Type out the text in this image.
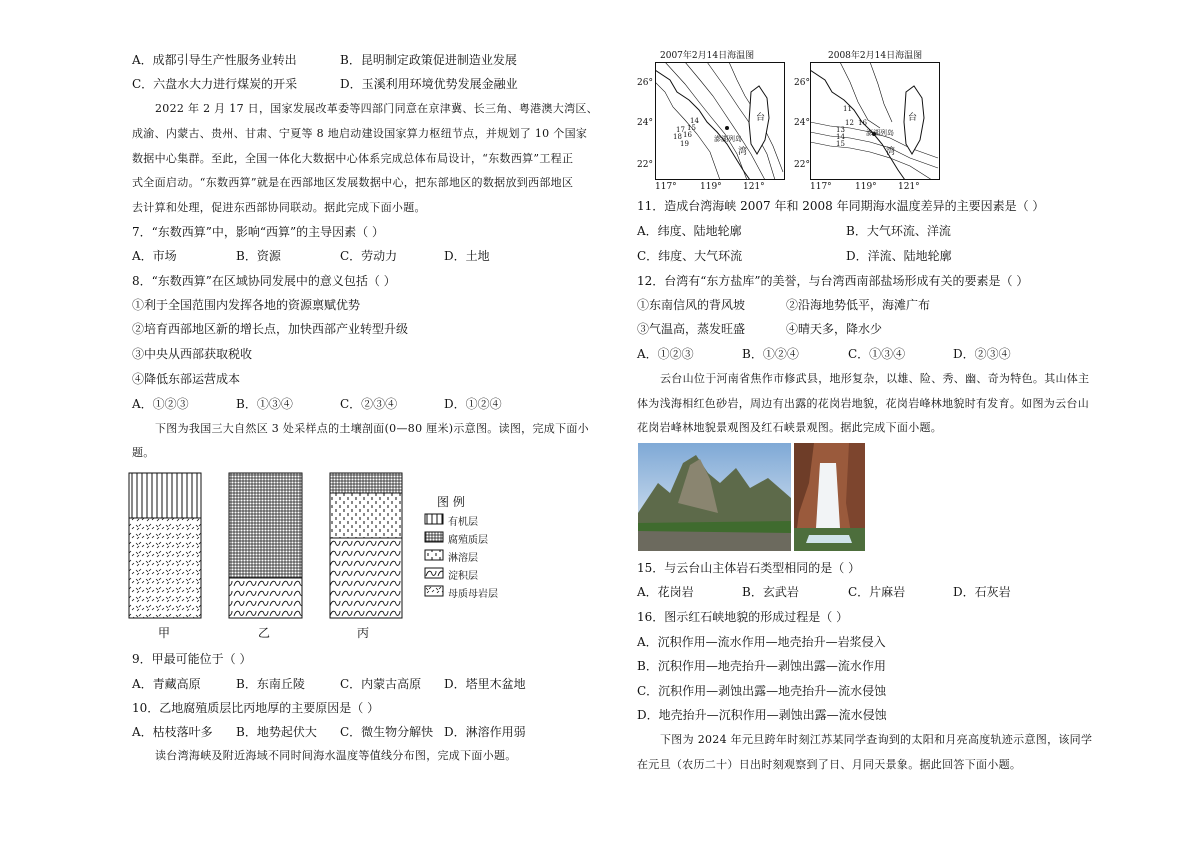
A．成都引导生产性服务业转出	B．昆明制定政策促进制造业发展
C．六盘水大力进行煤炭的开采	D．玉溪利用环境优势发展金融业
2022 年 2 月 17 日，国家发展改革委等四部门同意在京津冀、长三角、粤港澳大湾区、
成渝、内蒙古、贵州、甘肃、宁夏等 8 地启动建设国家算力枢纽节点，并规划了 10 个国家
数据中心集群。至此，全国一体化大数据中心体系完成总体布局设计，“东数西算”工程正
式全面启动。“东数西算”就是在西部地区发展数据中心，把东部地区的数据放到西部地区
去计算和处理，促进东西部协同联动。据此完成下面小题。
7．“东数西算”中，影响“西算”的主导因素（ ）
A．市场	B．资源	C．劳动力	D．土地
8．“东数西算”在区域协同发展中的意义包括（ ）
①利于全国范围内发挥各地的资源禀赋优势
②培育西部地区新的增长点，加快西部产业转型升级
③中央从西部获取税收
④降低东部运营成本
A．①②③	B．①③④	C．②③④	D．①②④
下图为我国三大自然区 3 处采样点的土壤剖面(0—80 厘米)示意图。读图，完成下面小
题。
甲	乙	丙
图 例
有机层
腐殖质层
淋溶层
淀积层
母质母岩层
9．甲最可能位于（ ）
A．青藏高原	B．东南丘陵	C．内蒙古高原 D．塔里木盆地
10．乙地腐殖质层比丙地厚的主要原因是（ ）
A．枯枝落叶多 B．地势起伏大 C．微生物分解快 D．淋溶作用弱
读台湾海峡及附近海域不同时间海水温度等值线分布图，完成下面小题。
2007年2月14日海温图
26°
24°
22°
117°	119° 121°
台
湾
澎湖列岛
14
15
16
17
18
19
2008年2月14日海温图
26°
24°
22°
117°	119° 121°
台
湾
澎湖列岛
11
12
13
14
15
16
11．造成台湾海峡 2007 年和 2008 年同期海水温度差异的主要因素是（ ）
A．纬度、陆地轮廓	B．大气环流、洋流
C．纬度、大气环流	D．洋流、陆地轮廓
12．台湾有“东方盐库”的美誉，与台湾西南部盐场形成有关的要素是（ ）
①东南信风的背风坡	②沿海地势低平，海滩广布
③气温高，蒸发旺盛	④晴天多，降水少
A．①②③	B．①②④	C．①③④	D．②③④
云台山位于河南省焦作市修武县，地形复杂，以雄、险、秀、幽、奇为特色。其山体主
体为浅海相红色砂岩，周边有出露的花岗岩地貌，花岗岩峰林地貌时有发育。如图为云台山
花岗岩峰林地貌景观图及红石峡景观图。据此完成下面小题。
15．与云台山主体岩石类型相同的是（ ）
A．花岗岩	B．玄武岩	C．片麻岩	D．石灰岩
16．图示红石峡地貌的形成过程是（ ）
A．沉积作用—流水作用—地壳抬升—岩浆侵入
B．沉积作用—地壳抬升—剥蚀出露—流水作用
C．沉积作用—剥蚀出露—地壳抬升—流水侵蚀
D．地壳抬升—沉积作用—剥蚀出露—流水侵蚀
下图为 2024 年元旦跨年时刻江苏某同学查询到的太阳和月亮高度轨迹示意图，该同学
在元旦（农历二十）日出时刻观察到了日、月同天景象。据此回答下面小题。
